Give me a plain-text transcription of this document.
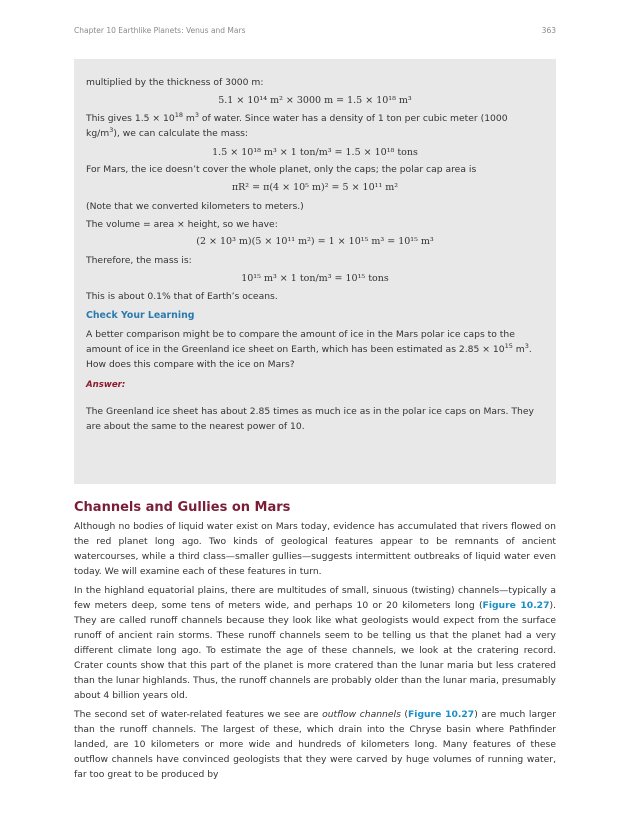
Chapter 10 Earthlike Planets: Venus and Mars	363

multiplied by the thickness of 3000 m:

5.1 × 10¹⁴ m² × 3000 m = 1.5 × 10¹⁸ m³

This gives $1.5 \times 10^{18}$ $m^3$ of water. Since water has a density of 1 ton per cubic meter (1000 $kg/m^3$), we can calculate the mass:

1.5 × 10¹⁸ m³ × 1 ton/m³ = 1.5 × 10¹⁸ tons

For Mars, the ice doesn’t cover the whole planet, only the caps; the polar cap area is

πR² = π(4 × 10⁵ m)² = 5 × 10¹¹ m²

(Note that we converted kilometers to meters.)

The volume = area × height, so we have:

(2 × 10³ m)(5 × 10¹¹ m²) = 1 × 10¹⁵ m³ = 10¹⁵ m³

Therefore, the mass is:

10¹⁵ m³ × 1 ton/m³ = 10¹⁵ tons

This is about 0.1% that of Earth’s oceans.

Check Your Learning

A better comparison might be to compare the amount of ice in the Mars polar ice caps to the amount of ice in the Greenland ice sheet on Earth, which has been estimated as $2.85 \times 10^{15}$ $m^3$. How does this compare with the ice on Mars?

Answer:

The Greenland ice sheet has about 2.85 times as much ice as in the polar ice caps on Mars. They are about the same to the nearest power of 10.

Channels and Gullies on Mars

Although no bodies of liquid water exist on Mars today, evidence has accumulated that rivers flowed on the red planet long ago. Two kinds of geological features appear to be remnants of ancient watercourses, while a third class—smaller gullies—suggests intermittent outbreaks of liquid water even today. We will examine each of these features in turn.

In the highland equatorial plains, there are multitudes of small, sinuous (twisting) channels—typically a few meters deep, some tens of meters wide, and perhaps 10 or 20 kilometers long (Figure 10.27). They are called runoff channels because they look like what geologists would expect from the surface runoff of ancient rain storms. These runoff channels seem to be telling us that the planet had a very different climate long ago. To estimate the age of these channels, we look at the cratering record. Crater counts show that this part of the planet is more cratered than the lunar maria but less cratered than the lunar highlands. Thus, the runoff channels are probably older than the lunar maria, presumably about 4 billion years old.

The second set of water-related features we see are outflow channels (Figure 10.27) are much larger than the runoff channels. The largest of these, which drain into the Chryse basin where Pathfinder landed, are 10 kilometers or more wide and hundreds of kilometers long. Many features of these outflow channels have convinced geologists that they were carved by huge volumes of running water, far too great to be produced by
